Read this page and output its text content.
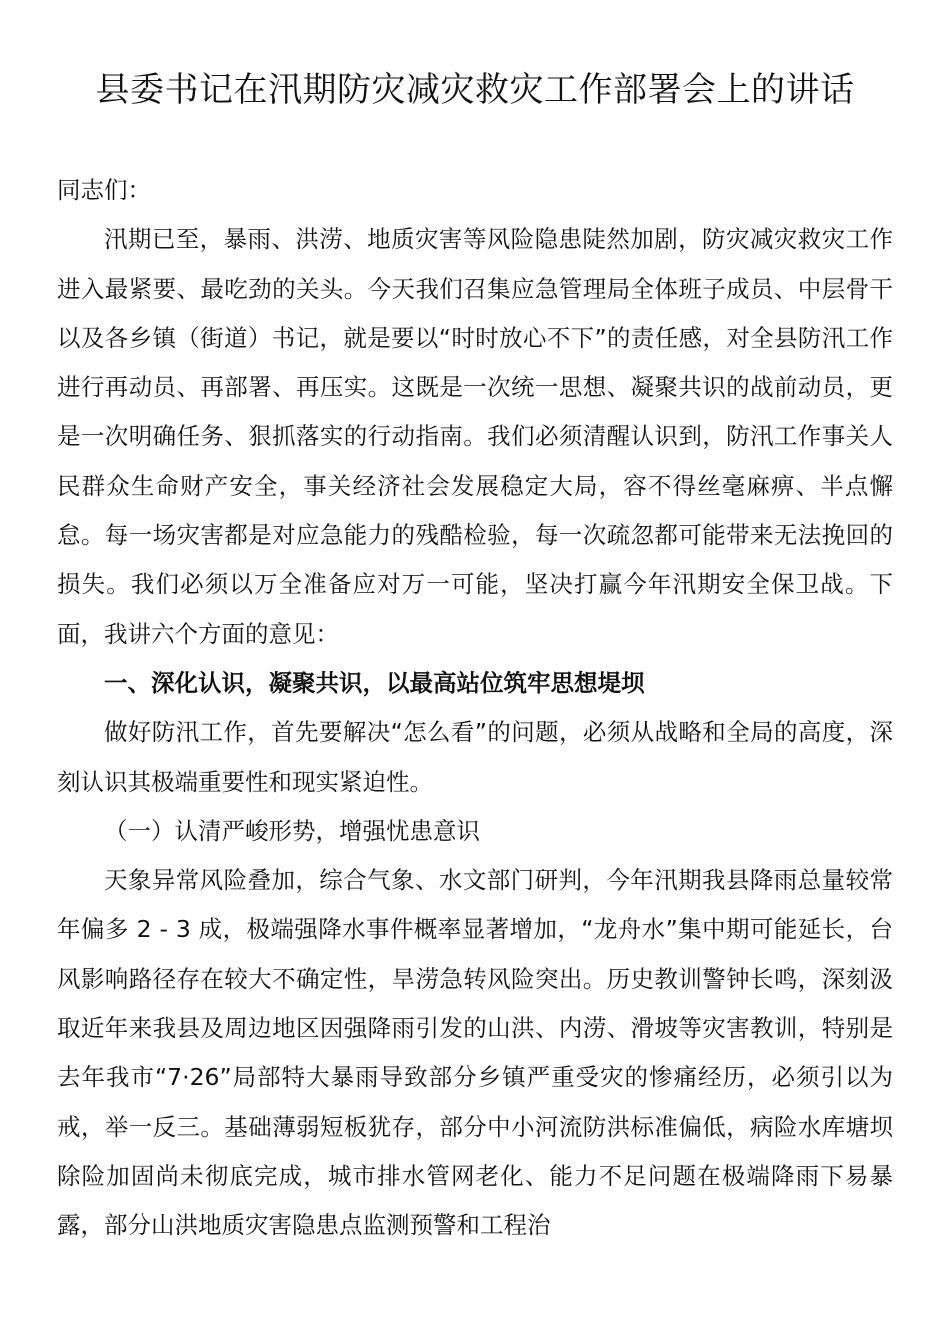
县委书记在汛期防灾减灾救灾工作部署会上的讲话

同志们：

汛期已至，暴雨、洪涝、地质灾害等风险隐患陡然加剧，防灾减灾救灾工作进入最紧要、最吃劲的关头。今天我们召集应急管理局全体班子成员、中层骨干以及各乡镇（街道）书记，就是要以“时时放心不下”的责任感，对全县防汛工作进行再动员、再部署、再压实。这既是一次统一思想、凝聚共识的战前动员，更是一次明确任务、狠抓落实的行动指南。我们必须清醒认识到，防汛工作事关人民群众生命财产安全，事关经济社会发展稳定大局，容不得丝毫麻痹、半点懈怠。每一场灾害都是对应急能力的残酷检验，每一次疏忽都可能带来无法挽回的损失。我们必须以万全准备应对万一可能，坚决打赢今年汛期安全保卫战。下面，我讲六个方面的意见：

一、深化认识，凝聚共识，以最高站位筑牢思想堤坝

做好防汛工作，首先要解决“怎么看”的问题，必须从战略和全局的高度，深刻认识其极端重要性和现实紧迫性。

（一）认清严峻形势，增强忧患意识

天象异常风险叠加，综合气象、水文部门研判，今年汛期我县降雨总量较常年偏多 2 - 3 成，极端强降水事件概率显著增加，“龙舟水”集中期可能延长，台风影响路径存在较大不确定性，旱涝急转风险突出。历史教训警钟长鸣，深刻汲取近年来我县及周边地区因强降雨引发的山洪、内涝、滑坡等灾害教训，特别是去年我市“7·26”局部特大暴雨导致部分乡镇严重受灾的惨痛经历，必须引以为戒，举一反三。基础薄弱短板犹存，部分中小河流防洪标准偏低，病险水库塘坝除险加固尚未彻底完成，城市排水管网老化、能力不足问题在极端降雨下易暴露，部分山洪地质灾害隐患点监测预警和工程治
